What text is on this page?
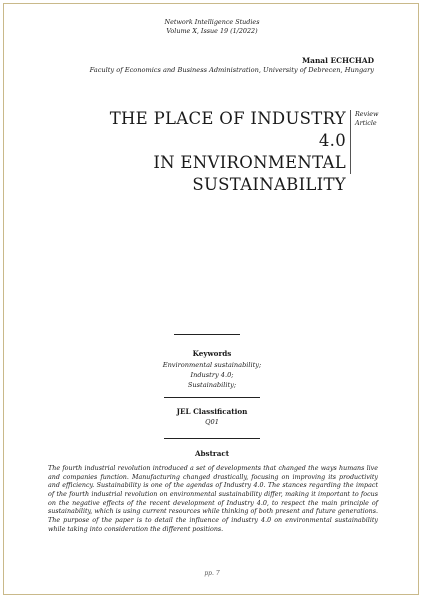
Network Intelligence Studies
Volume X, Issue 19 (1/2022)
Manal ECHCHAD
Faculty of Economics and Business Administration, University of Debrecen, Hungary
THE PLACE OF INDUSTRY 4.0
IN ENVIRONMENTAL
SUSTAINABILITY
Review
Article
Keywords
Environmental sustainability;
Industry 4.0;
Sustainability;
JEL Classification
Q01
Abstract

The fourth industrial revolution introduced a set of developments that changed the ways humans live and companies function. Manufacturing changed drastically, focusing on improving its productivity and efficiency. Sustainability is one of the agendas of Industry 4.0. The stances regarding the impact of the fourth industrial revolution on environmental sustainability differ, making it important to focus on the negative effects of the recent development of Industry 4.0, to respect the main principle of sustainability, which is using current resources while thinking of both present and future generations. The purpose of the paper is to detail the influence of industry 4.0 on environmental sustainability while taking into consideration the different positions.

pp. 7
